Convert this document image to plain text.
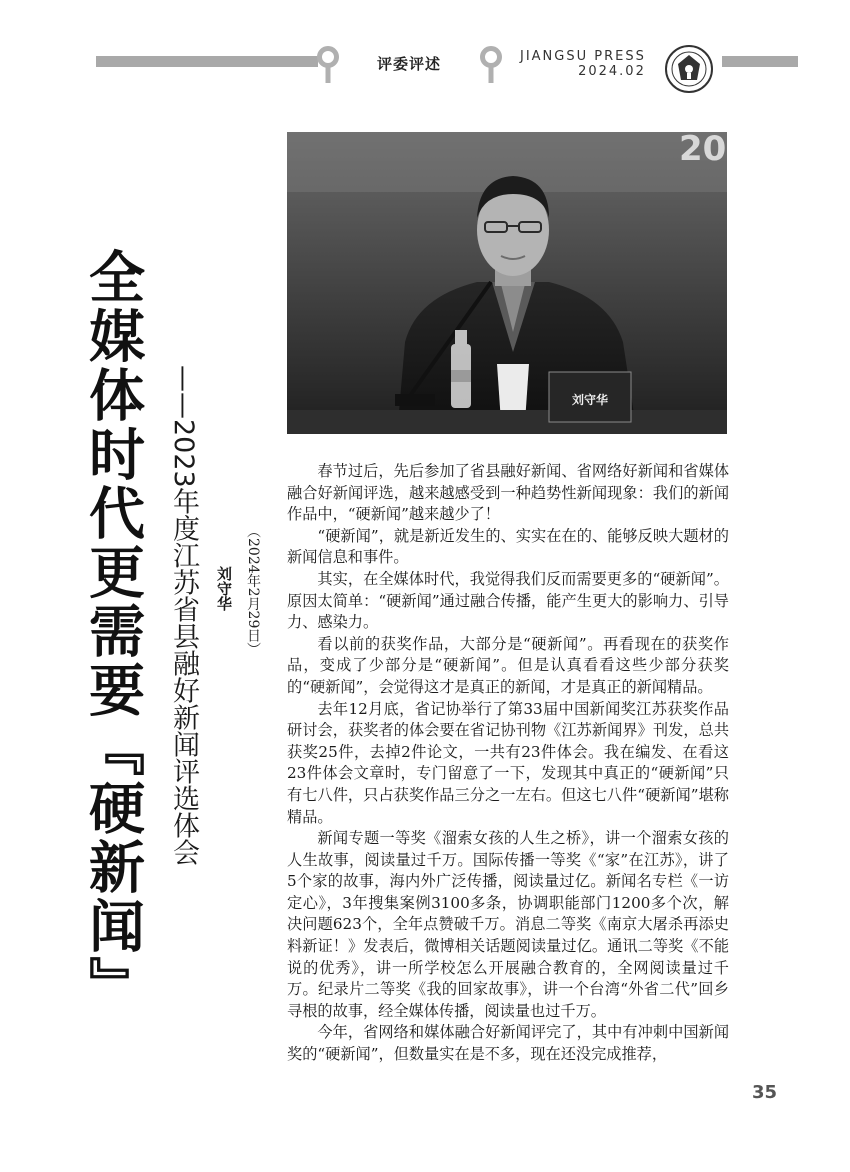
评委评述	JIANGSU PRESS
2024.02
20
刘守华
全媒体时代更需要『硬新闻』 ——2023年度江苏省县融好新闻评选体会 刘守华 （2024年2月29日）

春节过后，先后参加了省县融好新闻、省网络好新闻和省媒体融合好新闻评选，越来越感受到一种趋势性新闻现象：我们的新闻作品中，“硬新闻”越来越少了！

“硬新闻”，就是新近发生的、实实在在的、能够反映大题材的新闻信息和事件。

其实，在全媒体时代，我觉得我们反而需要更多的“硬新闻”。原因太简单：“硬新闻”通过融合传播，能产生更大的影响力、引导力、感染力。

看以前的获奖作品，大部分是“硬新闻”。再看现在的获奖作品，变成了少部分是“硬新闻”。但是认真看看这些少部分获奖的“硬新闻”，会觉得这才是真正的新闻，才是真正的新闻精品。

去年12月底，省记协举行了第33届中国新闻奖江苏获奖作品研讨会，获奖者的体会要在省记协刊物《江苏新闻界》刊发，总共获奖25件，去掉2件论文，一共有23件体会。我在编发、在看这23件体会文章时，专门留意了一下，发现其中真正的“硬新闻”只有七八件，只占获奖作品三分之一左右。但这七八件“硬新闻”堪称精品。

新闻专题一等奖《溜索女孩的人生之桥》，讲一个溜索女孩的人生故事，阅读量过千万。国际传播一等奖《“家”在江苏》，讲了5个家的故事，海内外广泛传播，阅读量过亿。新闻名专栏《一访定心》，3年搜集案例3100多条，协调职能部门1200多个次，解决问题623个，全年点赞破千万。消息二等奖《南京大屠杀再添史料新证！》发表后，微博相关话题阅读量过亿。通讯二等奖《不能说的优秀》，讲一所学校怎么开展融合教育的，全网阅读量过千万。纪录片二等奖《我的回家故事》，讲一个台湾“外省二代”回乡寻根的故事，经全媒体传播，阅读量也过千万。

今年，省网络和媒体融合好新闻评完了，其中有冲刺中国新闻奖的“硬新闻”，但数量实在是不多，现在还没完成推荐，

35
